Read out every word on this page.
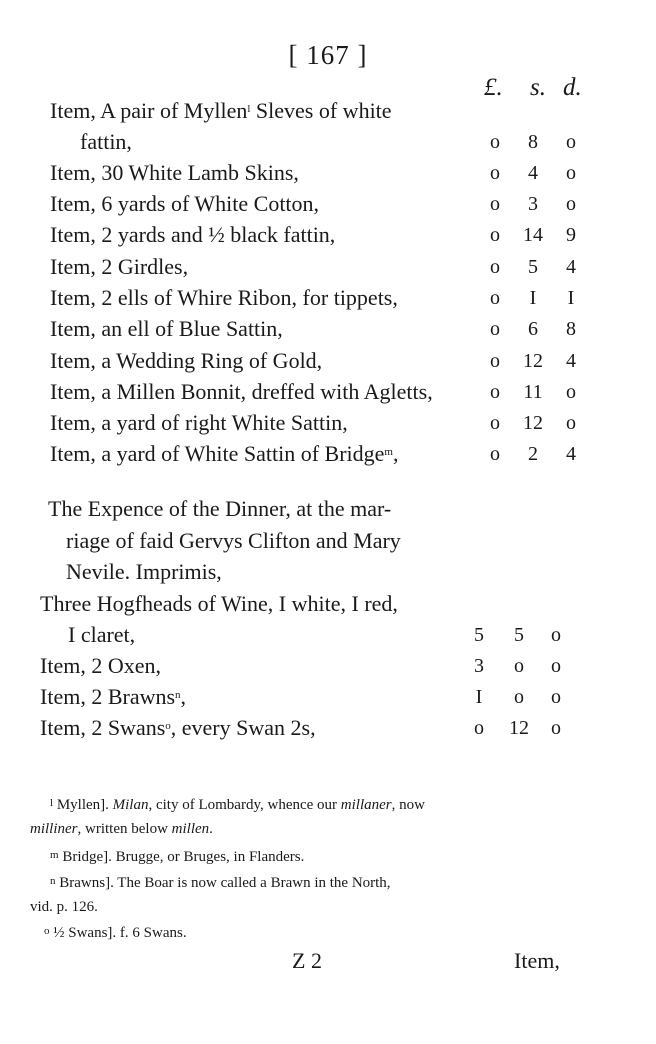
[ 167 ]
£. s. d.
Item, A pair of Myllen$^l$ Sleves of white
fattin,	o	8	o
Item, 30 White Lamb Skins,	o	4	o
Item, 6 yards of White Cotton,	o	3	o
Item, 2 yards and ½ black fattin,	o	14	9
Item, 2 Girdles,	o	5	4
Item, 2 ells of Whire Ribon, for tippets,	o	I	I
Item, an ell of Blue Sattin,	o	6	8
Item, a Wedding Ring of Gold,	o	12	4
Item, a Millen Bonnit, dreffed with Agletts,	o	11	o
Item, a yard of right White Sattin,	o	12	o
Item, a yard of White Sattin of Bridge$^m$,	o	2	4
The Expence of the Dinner, at the mar-
riage of faid Gervys Clifton and Mary
Nevile. Imprimis,
Three Hogfheads of Wine, I white, I red,
I claret,	5	5	o
Item, 2 Oxen,	3	o	o
Item, 2 Brawns$^n$,	I	o	o
Item, 2 Swans$^o$, every Swan 2s,	o	12	o
$^l$ Myllen]. Milan, city of Lombardy, whence our millaner, now
milliner, written below millen.
$^m$ Bridge]. Brugge, or Bruges, in Flanders.
$^n$ Brawns]. The Boar is now called a Brawn in the North,
vid. p. 126.
$^o$ ½ Swans]. f. 6 Swans.
Z 2	Item,
